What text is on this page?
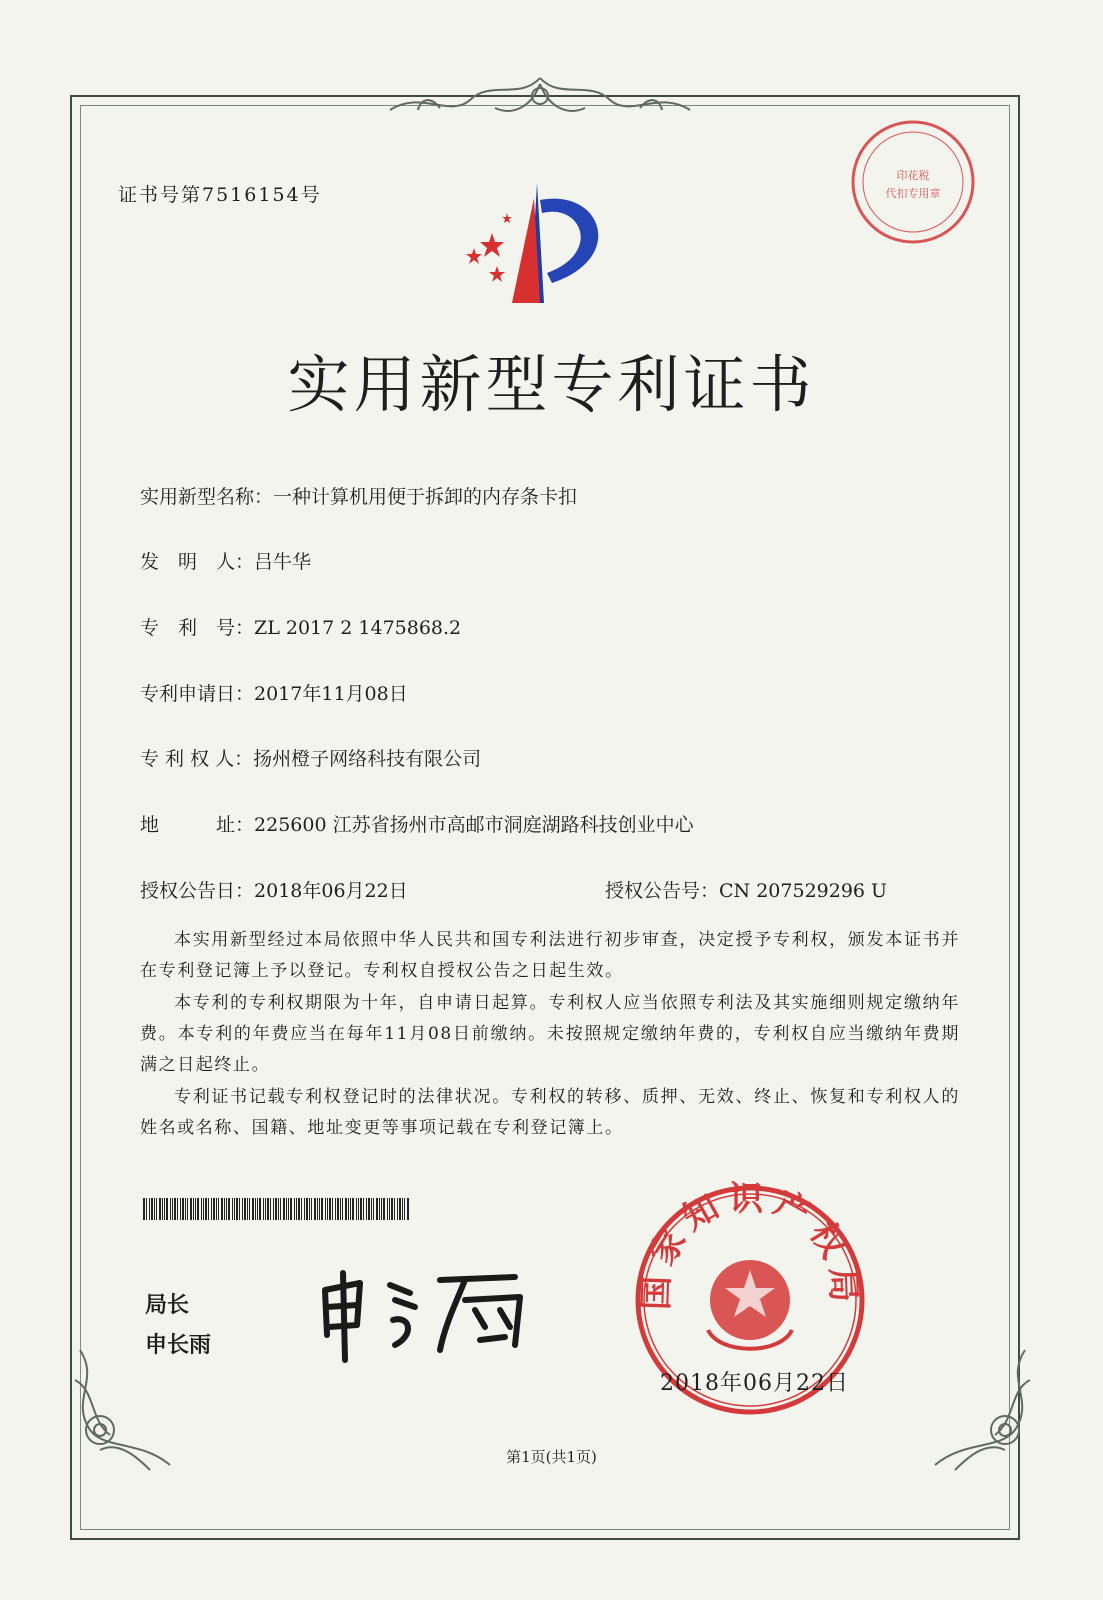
证书号第7516154号
印花税
代扣专用章
实用新型专利证书
实用新型名称：一种计算机用便于拆卸的内存条卡扣
发　明　人：吕牛华
专　利　号：ZL 2017 2 1475868.2
专利申请日：2017年11月08日
专 利 权 人：扬州橙子网络科技有限公司
地　　　址：225600 江苏省扬州市高邮市洞庭湖路科技创业中心
授权公告日：2018年06月22日	授权公告号：CN 207529296 U
本实用新型经过本局依照中华人民共和国专利法进行初步审查，决定授予专利权，颁发本证书并在专利登记簿上予以登记。专利权自授权公告之日起生效。
本专利的专利权期限为十年，自申请日起算。专利权人应当依照专利法及其实施细则规定缴纳年费。本专利的年费应当在每年11月08日前缴纳。未按照规定缴纳年费的，专利权自应当缴纳年费期满之日起终止。
专利证书记载专利权登记时的法律状况。专利权的转移、质押、无效、终止、恢复和专利权人的姓名或名称、国籍、地址变更等事项记载在专利登记簿上。
局长
申长雨
国家知识产权局
2018年06月22日
第1页(共1页)
